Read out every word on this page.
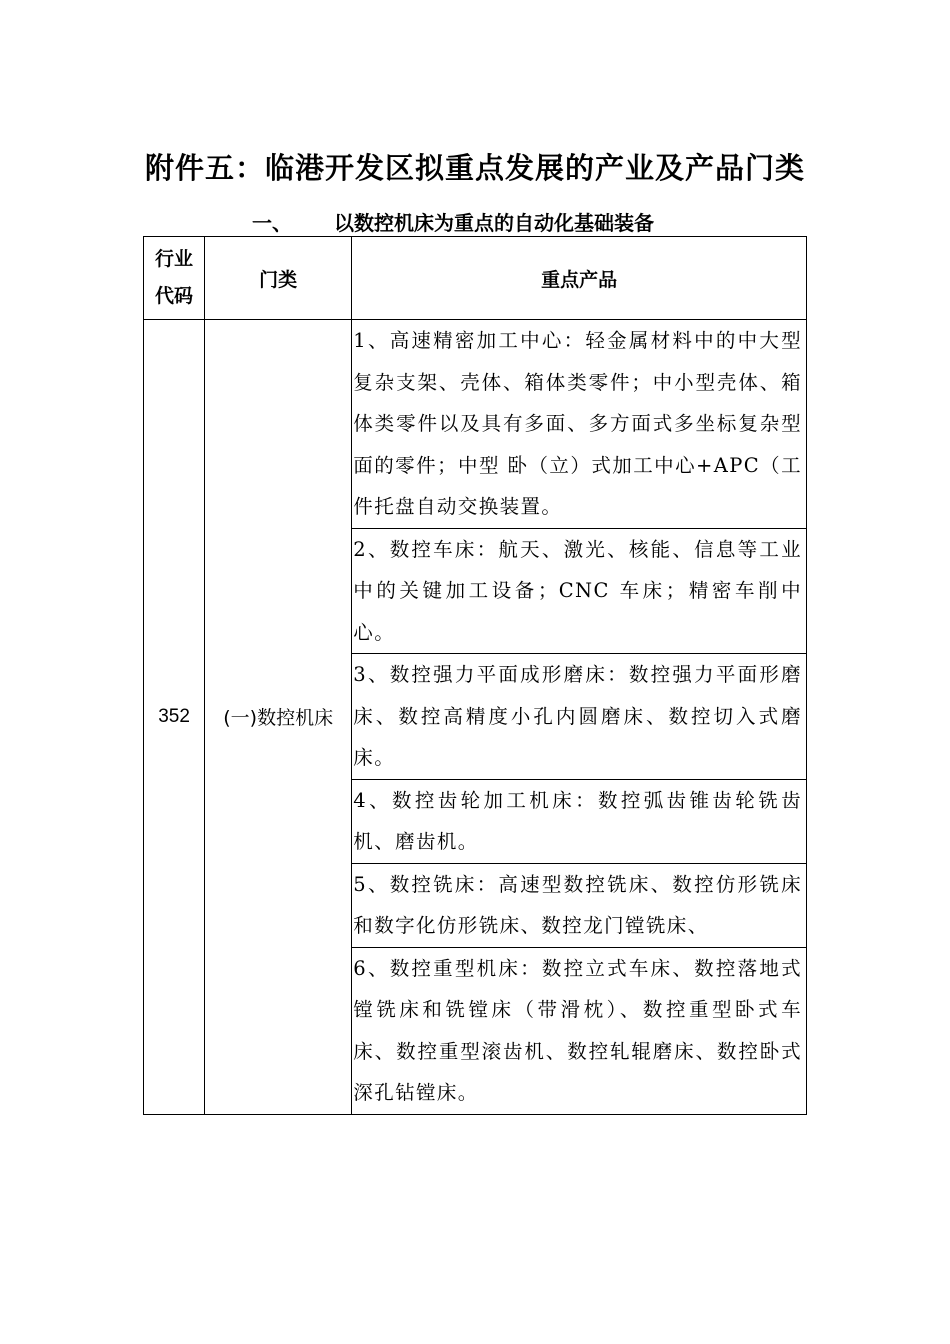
附件五：临港开发区拟重点发展的产业及产品门类
一、 以数控机床为重点的自动化基础装备
行业
代码	门类	重点产品
352	(一)数控机床	1、高速精密加工中心：轻金属材料中的中大型复杂支架、壳体、箱体类零件；中小型壳体、箱体类零件以及具有多面、多方面式多坐标复杂型面的零件；中型 卧（立）式加工中心+APC（工件托盘自动交换装置。

		2、数控车床：航天、激光、核能、信息等工业中的关键加工设备；CNC 车床；精密车削中心。

		3、数控强力平面成形磨床：数控强力平面形磨床、数控高精度小孔内圆磨床、数控切入式磨床。

		4、数控齿轮加工机床：数控弧齿锥齿轮铣齿机、磨齿机。

		5、数控铣床：高速型数控铣床、数控仿形铣床和数字化仿形铣床、数控龙门镗铣床、

		6、数控重型机床：数控立式车床、数控落地式镗铣床和铣镗床（带滑枕）、数控重型卧式车床、数控重型滚齿机、数控轧辊磨床、数控卧式深孔钻镗床。
